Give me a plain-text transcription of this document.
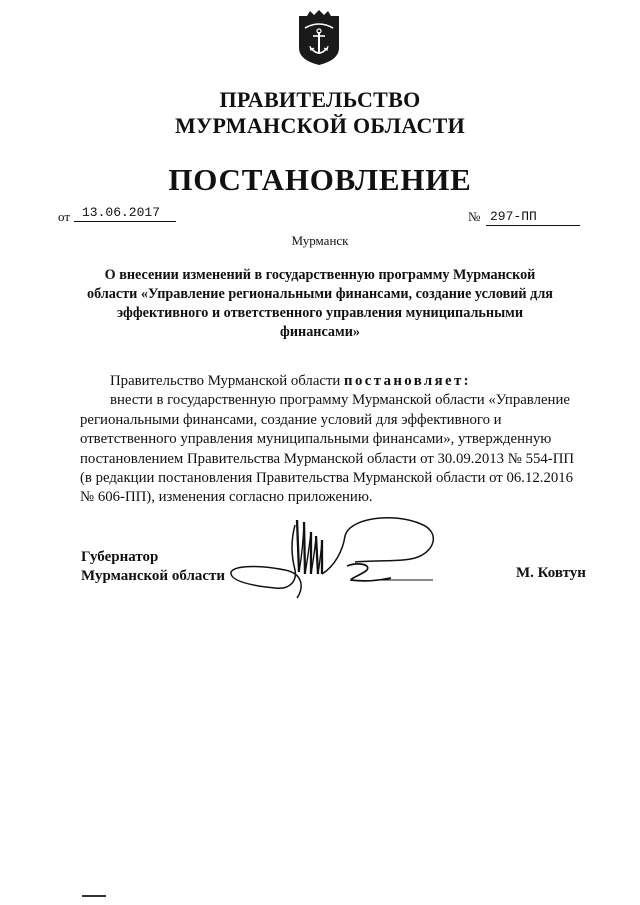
ПРАВИТЕЛЬСТВО
МУРМАНСКОЙ ОБЛАСТИ
ПОСТАНОВЛЕНИЕ
от 13.06.2017	№ 297-ПП
Мурманск
О внесении изменений в государственную программу Мурманской
области «Управление региональными финансами, создание условий для
эффективного и ответственного управления муниципальными
финансами»
Правительство Мурманской области постановляет:
внести в государственную программу Мурманской области «Управление
региональными финансами, создание условий для эффективного и
ответственного управления муниципальными финансами», утвержденную
постановлением Правительства Мурманской области от 30.09.2013 № 554-ПП
(в редакции постановления Правительства Мурманской области от 06.12.2016
№ 606-ПП), изменения согласно приложению.
Губернатор
Мурманской области	М. Ковтун
